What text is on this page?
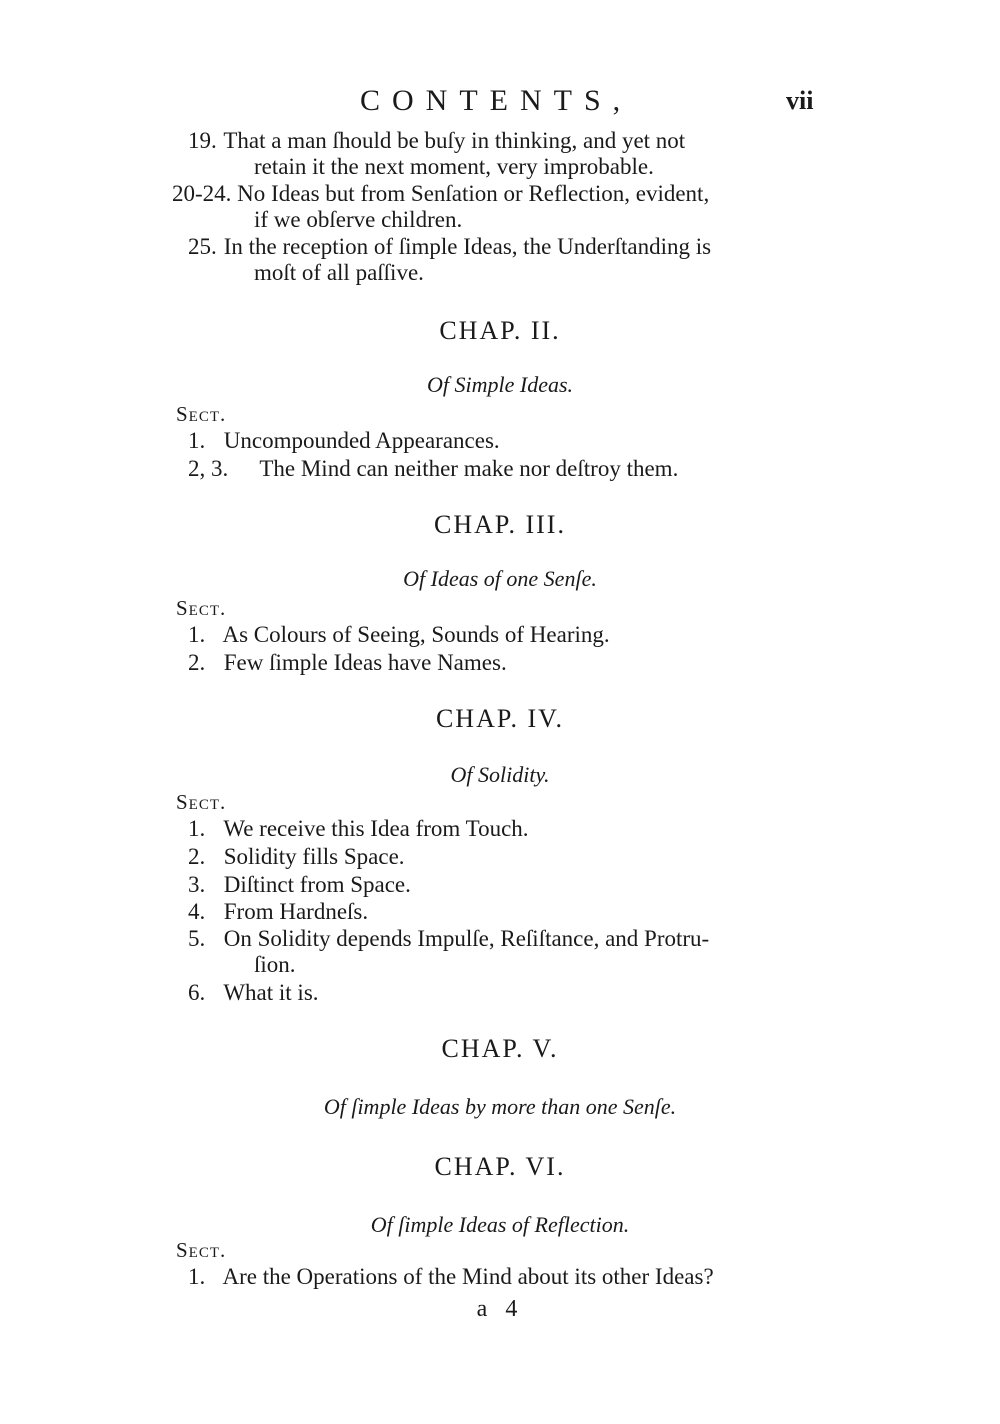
CONTENTS,	vii
19. That a man ſhould be buſy in thinking, and yet not
retain it the next moment, very improbable.
20-24. No Ideas but from Senſation or Reflection, evident,
if we obſerve children.
25. In the reception of ſimple Ideas, the Underſtanding is
moſt of all paſſive.
CHAP. II.
Of Simple Ideas.
Sect.
1. Uncompounded Appearances.
2, 3. The Mind can neither make nor deſtroy them.
CHAP. III.
Of Ideas of one Senſe.
Sect.
1. As Colours of Seeing, Sounds of Hearing.
2. Few ſimple Ideas have Names.
CHAP. IV.
Of Solidity.
Sect.
1. We receive this Idea from Touch.
2. Solidity fills Space.
3. Diſtinct from Space.
4. From Hardneſs.
5. On Solidity depends Impulſe, Reſiſtance, and Protru-
ſion.
6. What it is.
CHAP. V.
Of ſimple Ideas by more than one Senſe.
CHAP. VI.
Of ſimple Ideas of Reflection.
Sect.
1. Are the Operations of the Mind about its other Ideas?
a 4
